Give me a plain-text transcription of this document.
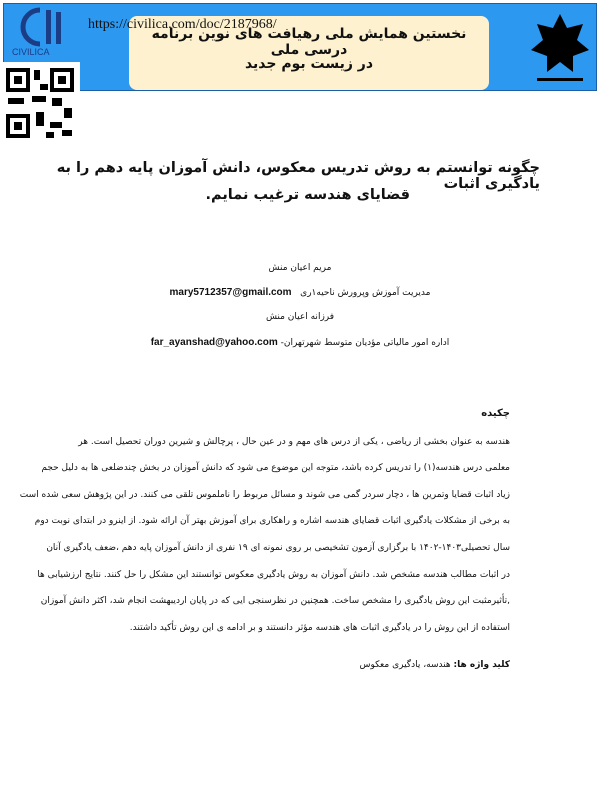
CIVILICA
نخستین همایش ملی رهیافت های نوین برنامه درسی ملی
در زیست بوم جدید
https://civilica.com/doc/2187968/
چگونه توانستم به روش تدریس معکوس، دانش آموزان پایه دهم را به یادگیری اثبات
قضایای هندسه ترغیب نمایم.
مریم اعیان منش
مدیریت آموزش وپرورش ناحیه۱ری   mary5712357@gmail.com
فرزانه اعیان منش
اداره امور مالیاتی مؤدیان متوسط شهرتهران- far_ayanshad@yahoo.com
چکیده
هندسه به عنوان بخشی از ریاضی ، یکی از درس های مهم و در عین حال ، پرچالش و شیرین دوران تحصیل است. هر
معلمی درس هندسه(۱) را تدریس کرده باشد، متوجه این موضوع می شود که دانش آموزان در بخش چندضلعی ها به دلیل حجم
زیاد اثبات قضایا وتمرین ها ، دچار سردر گمی می شوند و مسائل مربوط را ناملموس تلقی می کنند. در این پژوهش سعی شده است
به برخی از مشکلات یادگیری اثبات قضایای هندسه اشاره و راهکاری برای آموزش بهتر آن ارائه شود. از اینرو در ابتدای نوبت دوم
سال تحصیلی۱۴۰۳-۱۴۰۲ با برگزاری آزمون تشخیصی بر روی نمونه ای ۱۹ نفری از دانش آموزان پایه دهم ،ضعف یادگیری آنان
در اثبات مطالب هندسه مشخص شد. دانش آموزان به روش یادگیری معکوس توانستند این مشکل را حل کنند. نتایج ارزشیابی ها
,تأثیرمثبت این روش یادگیری را مشخص ساخت. همچنین در نظرسنجی ایی که در پایان اردیبهشت انجام شد، اکثر دانش آموزان
استفاده از این روش را در یادگیری اثبات های هندسه مؤثر دانستند و بر ادامه ی این روش تأکید داشتند.
کلید واژه ها: هندسه، یادگیری معکوس
